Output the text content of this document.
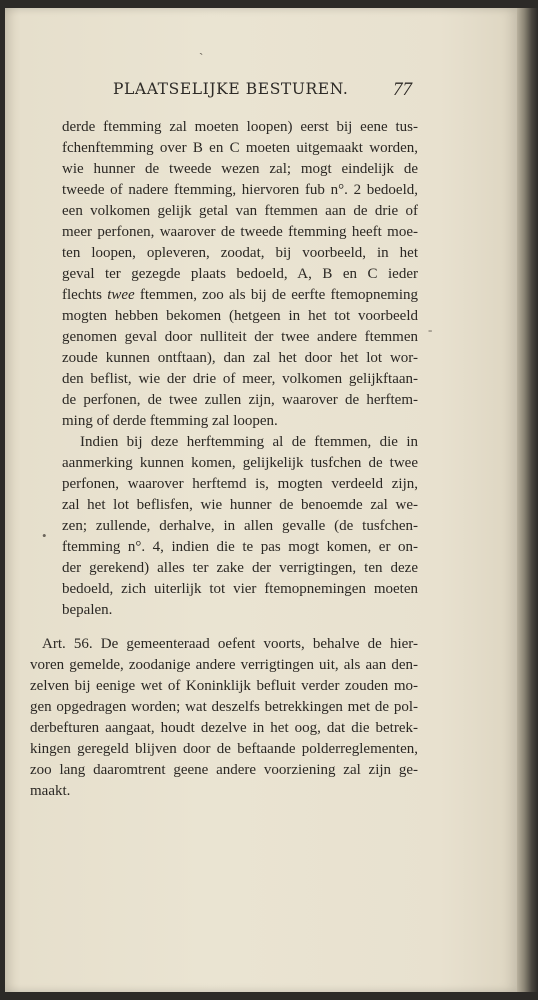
PLAATSELIJKE BESTUREN. 77
ˋ
-
•
derde ftemming zal moeten loopen) eerst bij eene tus-
fchenftemming over B en C moeten uitgemaakt worden,
wie hunner de tweede wezen zal; mogt eindelijk de
tweede of nadere ftemming, hiervoren fub n°. 2 bedoeld,
een volkomen gelijk getal van ftemmen aan de drie of
meer perfonen, waarover de tweede ftemming heeft moe-
ten loopen, opleveren, zoodat, bij voorbeeld, in het
geval ter gezegde plaats bedoeld, A, B en C ieder
flechts twee ftemmen, zoo als bij de eerfte ftemopneming
mogten hebben bekomen (hetgeen in het tot voorbeeld
genomen geval door nulliteit der twee andere ftemmen
zoude kunnen ontftaan), dan zal het door het lot wor-
den beflist, wie der drie of meer, volkomen gelijkftaan-
de perfonen, de twee zullen zijn, waarover de herftem-
ming of derde ftemming zal loopen.
Indien bij deze herftemming al de ftemmen, die in
aanmerking kunnen komen, gelijkelijk tusfchen de twee
perfonen, waarover herftemd is, mogten verdeeld zijn,
zal het lot beflisfen, wie hunner de benoemde zal we-
zen; zullende, derhalve, in allen gevalle (de tusfchen-
ftemming n°. 4, indien die te pas mogt komen, er on-
der gerekend) alles ter zake der verrigtingen, ten deze
bedoeld, zich uiterlijk tot vier ftemopnemingen moeten
bepalen.
Art. 56. De gemeenteraad oefent voorts, behalve de hier-
voren gemelde, zoodanige andere verrigtingen uit, als aan den-
zelven bij eenige wet of Koninklijk befluit verder zouden mo-
gen opgedragen worden; wat deszelfs betrekkingen met de pol-
derbefturen aangaat, houdt dezelve in het oog, dat die betrek-
kingen geregeld blijven door de beftaande polderreglementen,
zoo lang daaromtrent geene andere voorziening zal zijn ge-
maakt.
